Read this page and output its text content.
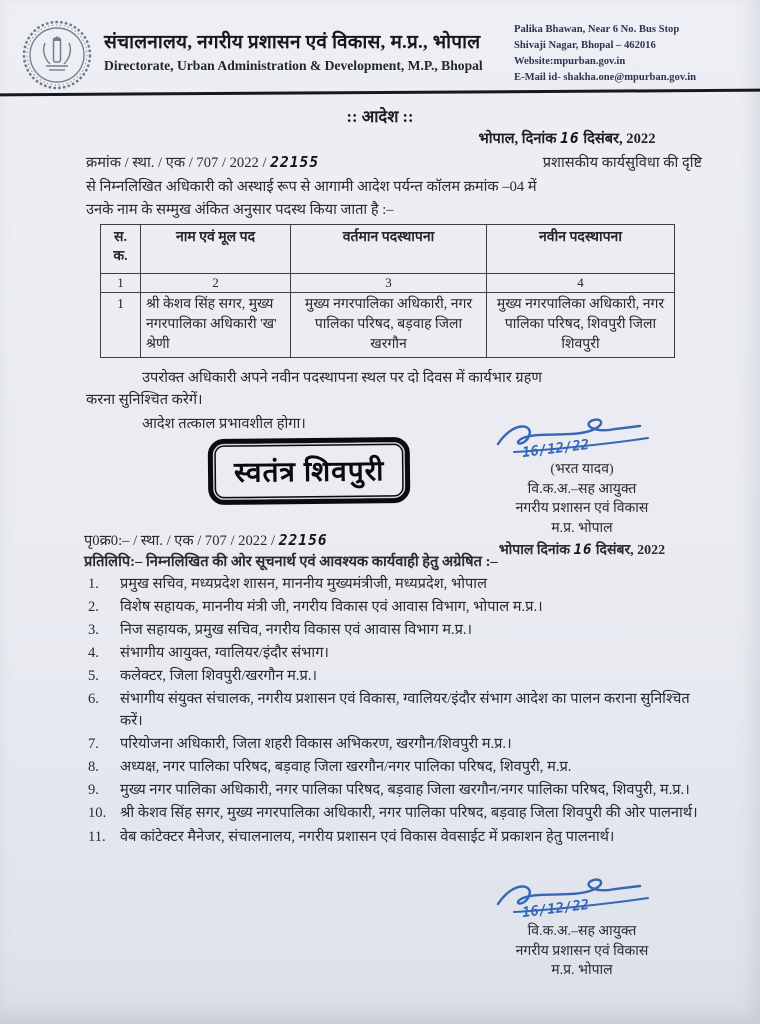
संचालनालय, नगरीय प्रशासन एवं विकास, म.प्र., भोपाल
Directorate, Urban Administration & Development, M.P., Bhopal
Palika Bhawan, Near 6 No. Bus Stop
Shivaji Nagar, Bhopal – 462016
Website:mpurban.gov.in
E-Mail id- shakha.one@mpurban.gov.in
:: आदेश ::
भोपाल, दिनांक 16 दिसंबर, 2022
क्रमांक / स्था. / एक / 707 / 2022 / 22155	प्रशासकीय कार्यसुविधा की दृष्टि
से निम्नलिखित अधिकारी को अस्थाई रूप से आगामी आदेश पर्यन्त कॉलम क्रमांक –04 में
उनके नाम के सम्मुख अंकित अनुसार पदस्थ किया जाता है :–
स. क.	नाम एवं मूल पद	वर्तमान पदस्थापना	नवीन पदस्थापना
1	2	3	4
1	श्री केशव सिंह सगर, मुख्य नगरपालिका अधिकारी 'ख' श्रेणी	मुख्य नगरपालिका अधिकारी, नगर पालिका परिषद, बड़वाह जिला खरगौन	मुख्य नगरपालिका अधिकारी, नगर पालिका परिषद, शिवपुरी जिला शिवपुरी
उपरोक्त अधिकारी अपने नवीन पदस्थापना स्थल पर दो दिवस में कार्यभार ग्रहण
करना सुनिश्चित करेगें।
आदेश तत्काल प्रभावशील होगा।
स्वतंत्र शिवपुरी
16/12/22
(भरत यादव)
वि.क.अ.–सह आयुक्त
नगरीय प्रशासन एवं विकास
म.प्र. भोपाल
भोपाल दिनांक 16 दिसंबर, 2022
पृ0क्र0:– / स्था. / एक / 707 / 2022 / 22156
प्रतिलिपि:– निम्नलिखित की ओर सूचनार्थ एवं आवश्यक कार्यवाही हेतु अग्रेषित :–
1.	प्रमुख सचिव, मध्यप्रदेश शासन, माननीय मुख्यमंत्रीजी, मध्यप्रदेश, भोपाल
2.	विशेष सहायक, माननीय मंत्री जी, नगरीय विकास एवं आवास विभाग, भोपाल म.प्र.।
3.	निज सहायक, प्रमुख सचिव, नगरीय विकास एवं आवास विभाग म.प्र.।
4.	संभागीय आयुक्त, ग्वालियर/इंदौर संभाग।
5.	कलेक्टर, जिला शिवपुरी/खरगौन म.प्र.।
6.	संभागीय संयुक्त संचालक, नगरीय प्रशासन एवं विकास, ग्वालियर/इंदौर संभाग आदेश का पालन कराना सुनिश्चित करें।
7.	परियोजना अधिकारी, जिला शहरी विकास अभिकरण, खरगौन/शिवपुरी म.प्र.।
8.	अध्यक्ष, नगर पालिका परिषद, बड़वाह जिला खरगौन/नगर पालिका परिषद, शिवपुरी, म.प्र.
9.	मुख्य नगर पालिका अधिकारी, नगर पालिका परिषद, बड़वाह जिला खरगौन/नगर पालिका परिषद, शिवपुरी, म.प्र.।
10. श्री केशव सिंह सगर, मुख्य नगरपालिका अधिकारी, नगर पालिका परिषद, बड़वाह जिला शिवपुरी की ओर पालनार्थ।
11. वेब कांटेक्टर मैनेजर, संचालनालय, नगरीय प्रशासन एवं विकास वेवसाईट में प्रकाशन हेतु पालनार्थ।
16/12/22
वि.क.अ.–सह आयुक्त
नगरीय प्रशासन एवं विकास
म.प्र. भोपाल
